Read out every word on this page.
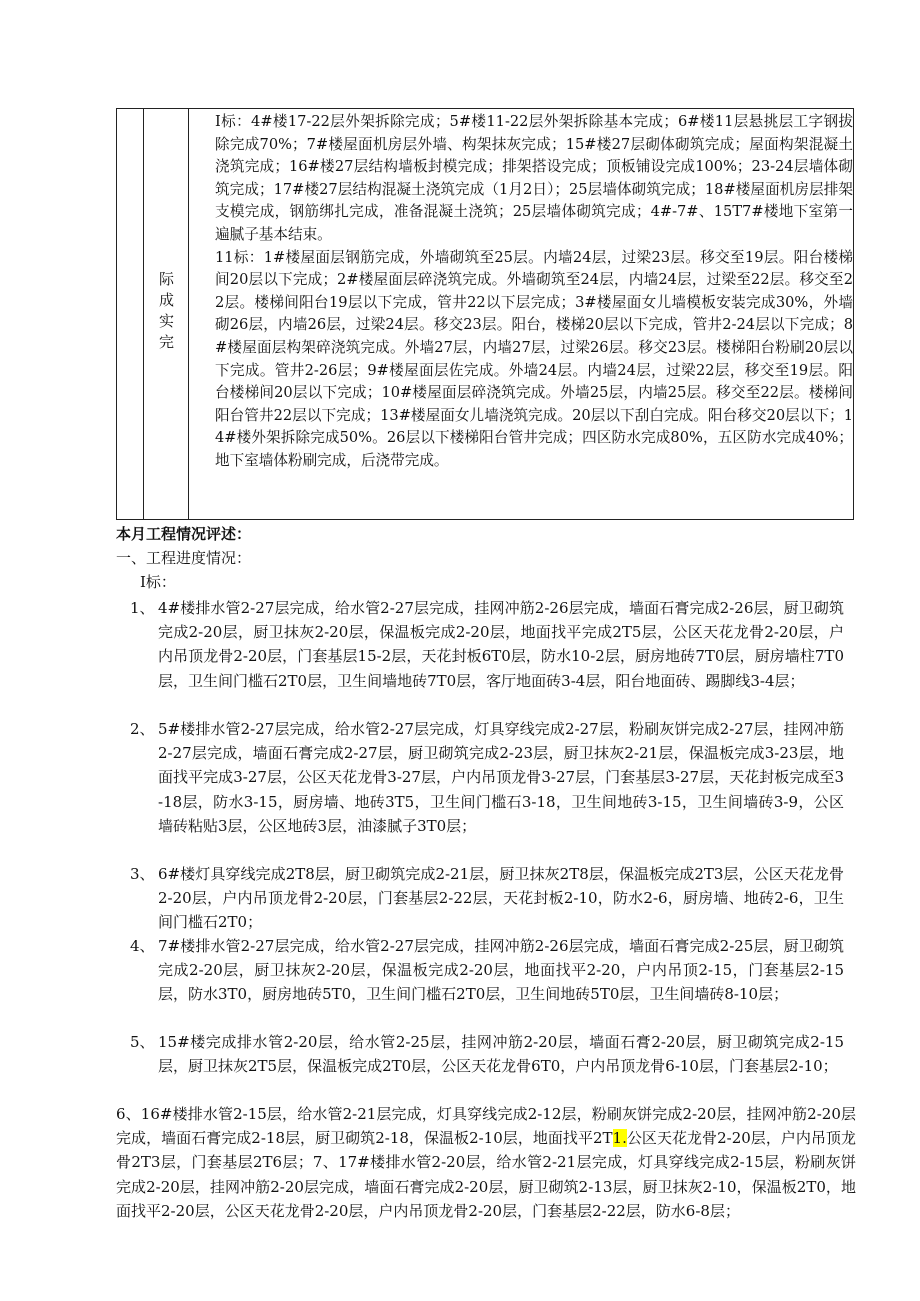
际
成
实
完

I标：4#楼17-22层外架拆除完成；5#楼11-22层外架拆除基本完成；6#楼11层悬挑层工字钢拔除完成70%；7#楼屋面机房层外墙、构架抹灰完成；15#楼27层砌体砌筑完成；屋面构架混凝土浇筑完成；16#楼27层结构墙板封模完成；排架搭设完成；顶板铺设完成100%；23-24层墙体砌筑完成；17#楼27层结构混凝土浇筑完成（1月2日）；25层墙体砌筑完成；18#楼屋面机房层排架支模完成，钢筋绑扎完成，准备混凝土浇筑；25层墙体砌筑完成；4#-7#、15T7#楼地下室第一遍腻子基本结束。

11标：1#楼屋面层钢筋完成，外墙砌筑至25层。内墙24层，过梁23层。移交至19层。阳台楼梯间20层以下完成；2#楼屋面层碎浇筑完成。外墙砌筑至24层，内墙24层，过梁至22层。移交至22层。楼梯间阳台19层以下完成，管井22以下层完成；3#楼屋面女儿墙模板安装完成30%，外墙砌26层，内墙26层，过梁24层。移交23层。阳台，楼梯20层以下完成，管井2-24层以下完成；8#楼屋面层构架碎浇筑完成。外墙27层，内墙27层，过梁26层。移交23层。楼梯阳台粉刷20层以下完成。管井2-26层；9#楼屋面层佐完成。外墙24层。内墙24层，过梁22层，移交至19层。阳台楼梯间20层以下完成；10#楼屋面层碎浇筑完成。外墙25层，内墙25层。移交至22层。楼梯间阳台管井22层以下完成；13#楼屋面女儿墙浇筑完成。20层以下刮白完成。阳台移交20层以下；14#楼外架拆除完成50%。26层以下楼梯阳台管井完成；四区防水完成80%，五区防水完成40%；地下室墙体粉刷完成，后浇带完成。

本月工程情况评述：
一、工程进度情况：
I标：
1、 4#楼排水管2-27层完成，给水管2-27层完成，挂网冲筋2-26层完成，墙面石膏完成2-26层，厨卫砌筑完成2-20层，厨卫抹灰2-20层，保温板完成2-20层，地面找平完成2T5层，公区天花龙骨2-20层，户内吊顶龙骨2-20层，门套基层15-2层，天花封板6T0层，防水10-2层，厨房地砖7T0层，厨房墙柱7T0层，卫生间门槛石2T0层，卫生间墙地砖7T0层，客厅地面砖3-4层，阳台地面砖、踢脚线3-4层；
2、 5#楼排水管2-27层完成，给水管2-27层完成，灯具穿线完成2-27层，粉刷灰饼完成2-27层，挂网冲筋2-27层完成，墙面石膏完成2-27层，厨卫砌筑完成2-23层，厨卫抹灰2-21层，保温板完成3-23层，地面找平完成3-27层，公区天花龙骨3-27层，户内吊顶龙骨3-27层，门套基层3-27层，天花封板完成至3-18层，防水3-15，厨房墙、地砖3T5，卫生间门槛石3-18，卫生间地砖3-15，卫生间墙砖3-9，公区墙砖粘贴3层，公区地砖3层，油漆腻子3T0层；
3、 6#楼灯具穿线完成2T8层，厨卫砌筑完成2-21层，厨卫抹灰2T8层，保温板完成2T3层，公区天花龙骨2-20层，户内吊顶龙骨2-20层，门套基层2-22层，天花封板2-10，防水2-6，厨房墙、地砖2-6，卫生间门槛石2T0；
4、 7#楼排水管2-27层完成，给水管2-27层完成，挂网冲筋2-26层完成，墙面石膏完成2-25层，厨卫砌筑完成2-20层，厨卫抹灰2-20层，保温板完成2-20层，地面找平2-20，户内吊顶2-15，门套基层2-15层，防水3T0，厨房地砖5T0，卫生间门槛石2T0层，卫生间地砖5T0层，卫生间墙砖8-10层；
5、 15#楼完成排水管2-20层，给水管2-25层，挂网冲筋2-20层，墙面石膏2-20层，厨卫砌筑完成2-15层，厨卫抹灰2T5层，保温板完成2T0层，公区天花龙骨6T0，户内吊顶龙骨6-10层，门套基层2-10；
6、16#楼排水管2-15层，给水管2-21层完成，灯具穿线完成2-12层，粉刷灰饼完成2-20层，挂网冲筋2-20层完成，墙面石膏完成2-18层，厨卫砌筑2-18，保温板2-10层，地面找平2T1.公区天花龙骨2-20层，户内吊顶龙骨2T3层，门套基层2T6层；7、17#楼排水管2-20层，给水管2-21层完成，灯具穿线完成2-15层，粉刷灰饼完成2-20层，挂网冲筋2-20层完成，墙面石膏完成2-20层，厨卫砌筑2-13层，厨卫抹灰2-10，保温板2T0，地面找平2-20层，公区天花龙骨2-20层，户内吊顶龙骨2-20层，门套基层2-22层，防水6-8层；
